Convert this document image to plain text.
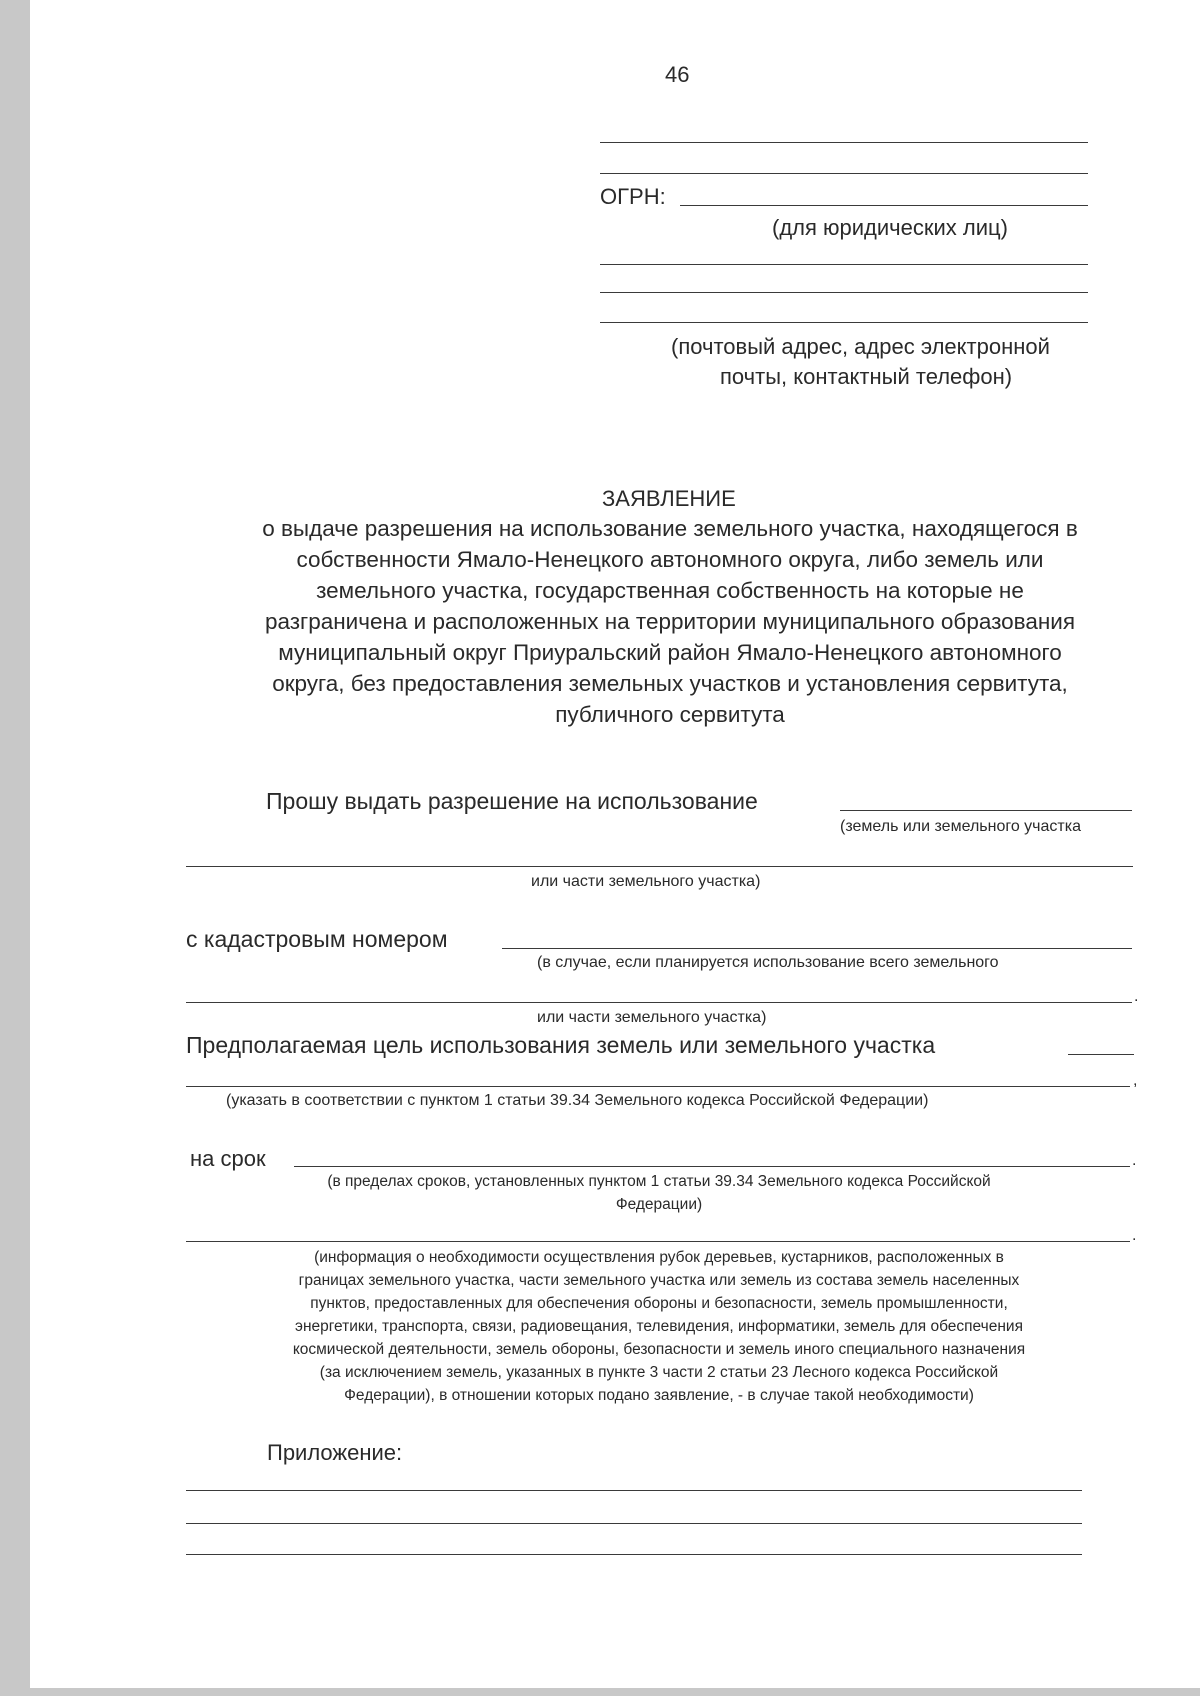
46
ОГРН:
(для юридических лиц)
(почтовый адрес, адрес электронной
почты, контактный телефон)
ЗАЯВЛЕНИЕ
о выдаче разрешения на использование земельного участка, находящегося в
собственности Ямало-Ненецкого автономного округа, либо земель или
земельного участка, государственная собственность на которые не
разграничена и расположенных на территории муниципального образования
муниципальный округ Приуральский район Ямало-Ненецкого автономного
округа, без предоставления земельных участков и установления сервитута,
публичного сервитута
Прошу выдать разрешение на использование
(земель или земельного участка
или части земельного участка)
с кадастровым номером
(в случае, если планируется использование всего земельного
.
или части земельного участка)
Предполагаемая цель использования земель или земельного участка
,
(указать в соответствии с пунктом 1 статьи 39.34 Земельного кодекса Российской Федерации)
на срок	.
(в пределах сроков, установленных пунктом 1 статьи 39.34 Земельного кодекса Российской
Федерации)
.
(информация о необходимости осуществления рубок деревьев, кустарников, расположенных в
границах земельного участка, части земельного участка или земель из состава земель населенных
пунктов, предоставленных для обеспечения обороны и безопасности, земель промышленности,
энергетики, транспорта, связи, радиовещания, телевидения, информатики, земель для обеспечения
космической деятельности, земель обороны, безопасности и земель иного специального назначения
(за исключением земель, указанных в пункте 3 части 2 статьи 23 Лесного кодекса Российской
Федерации), в отношении которых подано заявление, - в случае такой необходимости)
Приложение:
